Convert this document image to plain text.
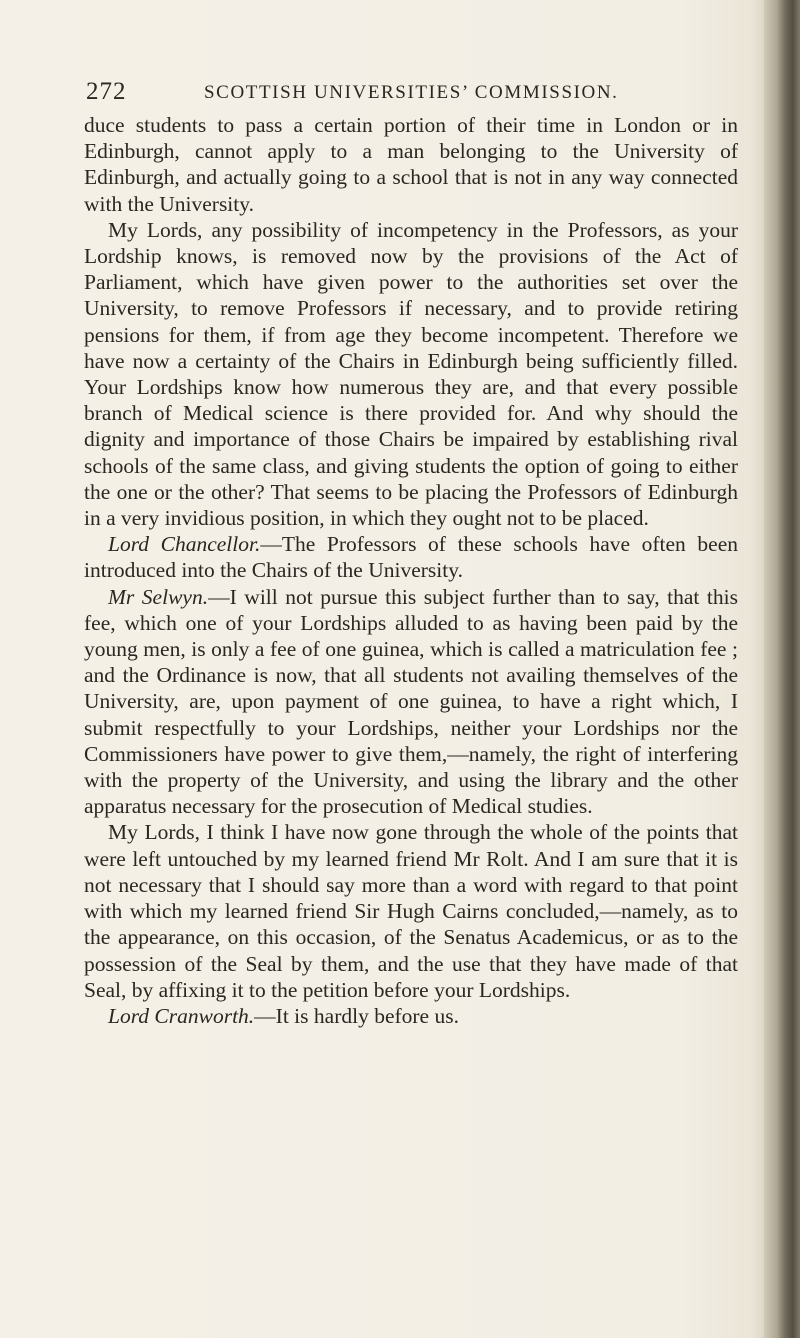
272	SCOTTISH UNIVERSITIES’ COMMISSION.

duce students to pass a certain portion of their time in London or in Edinburgh, cannot apply to a man belonging to the University of Edinburgh, and actually going to a school that is not in any way connected with the University.

My Lords, any possibility of incompetency in the Professors, as your Lordship knows, is removed now by the provisions of the Act of Parliament, which have given power to the authorities set over the University, to remove Professors if necessary, and to provide retiring pensions for them, if from age they become incompetent. Therefore we have now a certainty of the Chairs in Edinburgh being sufficiently filled. Your Lordships know how numerous they are, and that every possible branch of Medical science is there provided for. And why should the dignity and importance of those Chairs be impaired by establishing rival schools of the same class, and giving students the option of going to either the one or the other? That seems to be placing the Professors of Edinburgh in a very invidious position, in which they ought not to be placed.

Lord Chancellor.—The Professors of these schools have often been introduced into the Chairs of the University.

Mr Selwyn.—I will not pursue this subject further than to say, that this fee, which one of your Lordships alluded to as having been paid by the young men, is only a fee of one guinea, which is called a matriculation fee ; and the Ordinance is now, that all students not availing themselves of the University, are, upon payment of one guinea, to have a right which, I submit respectfully to your Lordships, neither your Lordships nor the Commissioners have power to give them,—namely, the right of interfering with the property of the University, and using the library and the other apparatus necessary for the prosecution of Medical studies.

My Lords, I think I have now gone through the whole of the points that were left untouched by my learned friend Mr Rolt. And I am sure that it is not necessary that I should say more than a word with regard to that point with which my learned friend Sir Hugh Cairns concluded,—namely, as to the appearance, on this occasion, of the Senatus Academicus, or as to the possession of the Seal by them, and the use that they have made of that Seal, by affixing it to the petition before your Lordships.

Lord Cranworth.—It is hardly before us.
